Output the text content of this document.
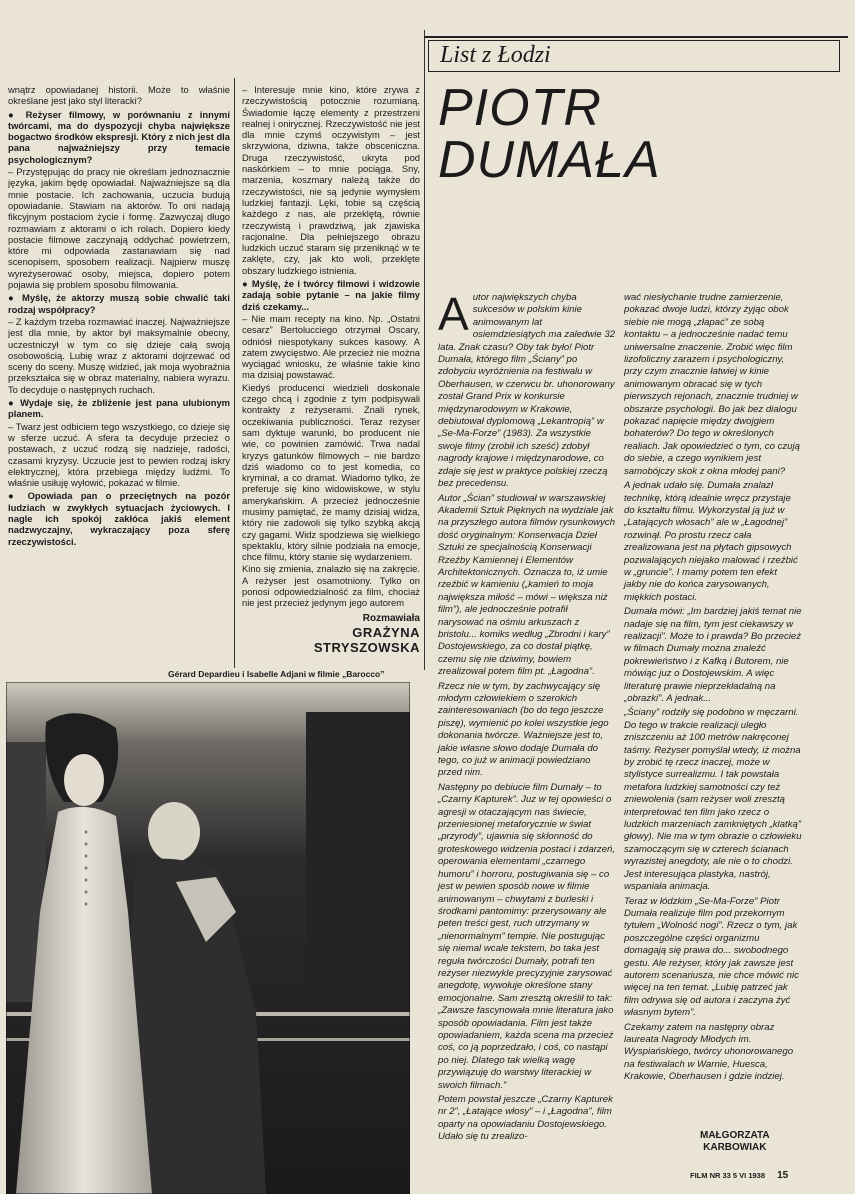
wnątrz opowiadanej historii. Może to właśnie określane jest jako styl literacki?

● Reżyser filmowy, w porównaniu z innymi twórcami, ma do dyspozycji chyba największe bogactwo środków ekspresji. Który z nich jest dla pana najważniejszy przy temacie psychologicznym?

– Przystępując do pracy nie określam jednoznacznie języka, jakim będę opowiadał. Najważniejsze są dla mnie postacie. Ich zachowania, uczucia budują opowiadanie. Stawiam na aktorów. To oni nadają fikcyjnym postaciom życie i formę. Zazwyczaj długo rozmawiam z aktorami o ich rolach. Dopiero kiedy postacie filmowe zaczynają oddychać powietrzem, które mi odpowiada zastanawiam się nad scenopisem, sposobem realizacji. Najpierw muszę wyreżyserować osoby, miejsca, dopiero potem pojawia się problem sposobu filmowania.

● Myślę, że aktorzy muszą sobie chwalić taki rodzaj współpracy?

– Z każdym trzeba rozmawiać inaczej. Najważniejsze jest dla mnie, by aktor był maksymalnie obecny, uczestniczył w tym co się dzieje całą swoją osobowością. Lubię wraz z aktorami dojrzewać od sceny do sceny. Muszę widzieć, jak moja wyobraźnia przekształca się w obraz materialny, nabiera wyrazu. To decyduje o następnych ruchach.

● Wydaje się, że zbliżenie jest pana ulubionym planem.

– Twarz jest odbiciem tego wszystkiego, co dzieje się w sferze uczuć. A sfera ta decyduje przecież o postawach, z uczuć rodzą się nadzieje, radości, czasami kryzysy. Uczucie jest to pewien rodzaj iskry elektrycznej, która przebiega między ludźmi. To właśnie usiłuję wyłowić, pokazać w filmie.

● Opowiada pan o przeciętnych na pozór ludziach w zwykłych sytuacjach życiowych. I nagle ich spokój zakłóca jakiś element nadzwyczajny, wykraczający poza sferę rzeczywistości.

– Interesuje mnie kino, które zrywa z rzeczywistością potocznie rozumianą. Świadomie łączę elementy z przestrzeni realnej i onirycznej. Rzeczywistość nie jest dla mnie czymś oczywistym – jest skrzywiona, dziwna, także obsceniczna. Druga rzeczywistość, ukryta pod naskórkiem – to mnie pociąga. Sny, marzenia, koszmary należą także do rzeczywistości, nie są jedynie wymysłem ludzkiej fantazji. Lęki, tobie są częścią każdego z nas, ale przeklętą, równie rzeczywistą i prawdziwą, jak zjawiska racjonalne. Dla pełniejszego obrazu ludzkich uczuć staram się przeniknąć w te zaklęte, czy, jak kto woli, przeklęte obszary ludzkiego istnienia.

● Myślę, że i twórcy filmowi i widzowie zadają sobie pytanie – na jakie filmy dziś czekamy...

– Nie mam recepty na kino. Np. „Ostatni cesarz” Bertolucciego otrzymał Oscary, odniósł niespotykany sukces kasowy. A zatem zwycięstwo. Ale przecież nie można wyciągać wniosku, że właśnie takie kino ma dzisiaj powstawać.

Kiedyś producenci wiedzieli doskonale czego chcą i zgodnie z tym podpisywali kontrakty z reżyserami. Znali rynek, oczekiwania publiczności. Teraz reżyser sam dyktuje warunki, bo producent nie wie, co powinien zamówić. Trwa nadal kryzys gatunków filmowych – nie bardzo dziś wiadomo co to jest komedia, co kryminał, a co dramat. Wiadomo tylko, że preferuje się kino widowiskowe, w stylu amerykańskim. A przecież jednocześnie musimy pamiętać, że mamy dzisiaj widza, który nie zadowoli się tylko szybką akcją czy gagami. Widz spodziewa się wielkiego spektaklu, który silnie podziała na emocje, chce filmu, który stanie się wydarzeniem.

Kino się zmienia, znalazło się na zakręcie. A reżyser jest osamotniony. Tylko on ponosi odpowiedzialność za film, chociaż nie jest przecież jedynym jego autorem

Rozmawiała
GRAŻYNA
STRYSZOWSKA
List z Łodzi
PIOTR
DUMAŁA
A utor największych chyba sukcesów w polskim kinie animowanym lat osiemdziesiątych ma zaledwie 32 lata. Znak czasu? Oby tak było! Piotr Dumała, którego film „Ściany” po zdobyciu wyróżnienia na festiwalu w Oberhausen, w czerwcu br. uhonorowany został Grand Prix w konkursie międzynarodowym w Krakowie, debiutował dyplomową „Lekantropią” w „Se-Ma-Forze” (1983). Za wszystkie swoje filmy (zrobił ich sześć) zdobył nagrody krajowe i międzynarodowe, co zdaje się jest w praktyce polskiej rzeczą bez precedensu.

Autor „Ścian” studiował w warszawskiej Akademii Sztuk Pięknych na wydziale jak na przyszłego autora filmów rysunkowych dość oryginalnym: Konserwacja Dzieł Sztuki ze specjalnością Konserwacji Rzeźby Kamiennej i Elementów Architektonicznych. Oznacza to, iż umie rzeźbić w kamieniu („kamień to moja największa miłość – mówi – większa niż film”), ale jednocześnie potrafił narysować na ośmiu arkuszach z bristolu... komiks według „Zbrodni i kary” Dostojewskiego, za co dostał piątkę, czemu się nie dziwimy, bowiem zrealizował potem film pt. „Łagodna”.

Rzecz nie w tym, by zachwycający się młodym człowiekiem o szerokich zainteresowaniach (bo do tego jeszcze piszę), wymienić po kolei wszystkie jego dokonania twórcze. Ważniejsze jest to, jakie własne słowo dodaje Dumała do tego, co już w animacji powiedziano przed nim.

Następny po debiucie film Dumały – to „Czarny Kapturek”. Juz w tej opowieści o agresji w otaczającym nas świecie, przeniesionej metaforycznie w świat „przyrody”, ujawnia się skłonność do groteskowego widzenia postaci i zdarzeń, operowania elementami „czarnego humoru” i horroru, postugiwania się – co jest w pewien sposób nowe w filmie animowanym – chwytami z burleski i środkami pantomimy: przerysowany ale peten treści gest, ruch utrzymany w „nienormalnym” tempie. Nie postugując się niemal wcale tekstem, bo taka jest reguła twórczości Dumały, potrafi ten reżyser niezwykle precyzyjnie zarysować anegdotę, wywołuje określone stany emocjonalne. Sam zresztą określił to tak: „Zawsze fascynowała mnie literatura jako sposób opowiadania. Film jest także opowiadaniem, każda scena ma przecież coś, co ją poprzedzało, i coś, co nastąpi po niej. Dlatego tak wielką wagę przywiązuję do warstwy literackiej w swoich filmach.”

Potem powstał jeszcze „Czarny Kapturek nr 2”, „Łatające włosy” – i „Łagodna”, film oparty na opowiadaniu Dostojewskiego. Udało się tu zrealizo-

wać niesłychanie trudne zamierzenie, pokazać dwoje ludzi, którzy żyjąc obok siebie nie mogą „złapać” ze sobą kontaktu – a jednocześnie nadać temu uniwersalne znaczenie. Zrobić więc film lizofoliczny zarazem i psychologiczny, przy czym znacznie łatwiej w kinie animowanym obracać się w tych pierwszych rejonach, znacznie trudniej w obszarze psychologii. Bo jak bez dialogu pokazać napięcie między dwojgiem bohaterów? Do tego w określonych realiach. Jak opowiedzieć o tym, co czują do siebie, a czego wynikiem jest samobójczy skok z okna młodej pani?

A jednak udało się. Dumała znalazł technikę, którą idealnie wręcz przystaje do kształtu filmu. Wykorzystał ją już w „Latających włosach” ale w „Łagodnej” rozwinął. Po prostu rzecz cała zrealizowana jest na płytach gipsowych pozwalających niejako malować i rzeźbić w „gruncie”. I mamy potem ten efekt jakby nie do końca zarysowanych, miękkich postaci.

Dumała mówi: „Im bardziej jakiś temat nie nadaje się na film, tym jest ciekawszy w realizacji”. Może to i prawda? Bo przecież w filmach Dumały można znaleźć pokrewieństwo i z Kafką i Butorem, nie mówiąc juz o Dostojewskim. A więc literaturę prawie nieprzekładalną na „obrazki”. A jednak...

„Ściany” rodziły się podobno w męczarni. Do tego w trakcie realizacji uległo zniszczeniu aż 100 metrów nakręconej taśmy. Reżyser pomyślał wtedy, iż można by zrobić tę rzecz inaczej, może w stylistyce surrealizmu. I tak powstała metafora ludzkiej samotności czy też zniewolenia (sam reżyser woli zresztą interpretować ten film jako rzecz o ludzkich marzeniach zamkniętych „klatką” głowy). Nie ma w tym obrazie o człowieku szamoczącym się w czterech ścianach wyrazistej anegdoty, ale nie o to chodzi. Jest interesująca plastyka, nastrój, wspaniała animacja.

Teraz w łódzkim „Se-Ma-Forze” Piotr Dumała realizuje film pod przekornym tytułem „Wolność nogi”. Rzecz o tym, jak poszczególne części organizmu domagają się prawa do... swobodnego gestu. Ale reżyser, który jak zawsze jest autorem scenariusza, nie chce mówić nic więcej na ten temat. „Lubię patrzeć jak film odrywa się od autora i zaczyna żyć własnym bytem”.

Czekamy zatem na następny obraz laureata Nagrody Młodych im. Wyspiańskiego, twórcy uhonorowanego na festiwalach w Warnie, Huesca, Krakowie, Oberhausen i gdzie indziej.

MAŁGORZATA
KARBOWIAK
Gérard Depardieu i Isabelle Adjani w filmie „Barocco”
FILM NR 33 5 VI 1938 15
